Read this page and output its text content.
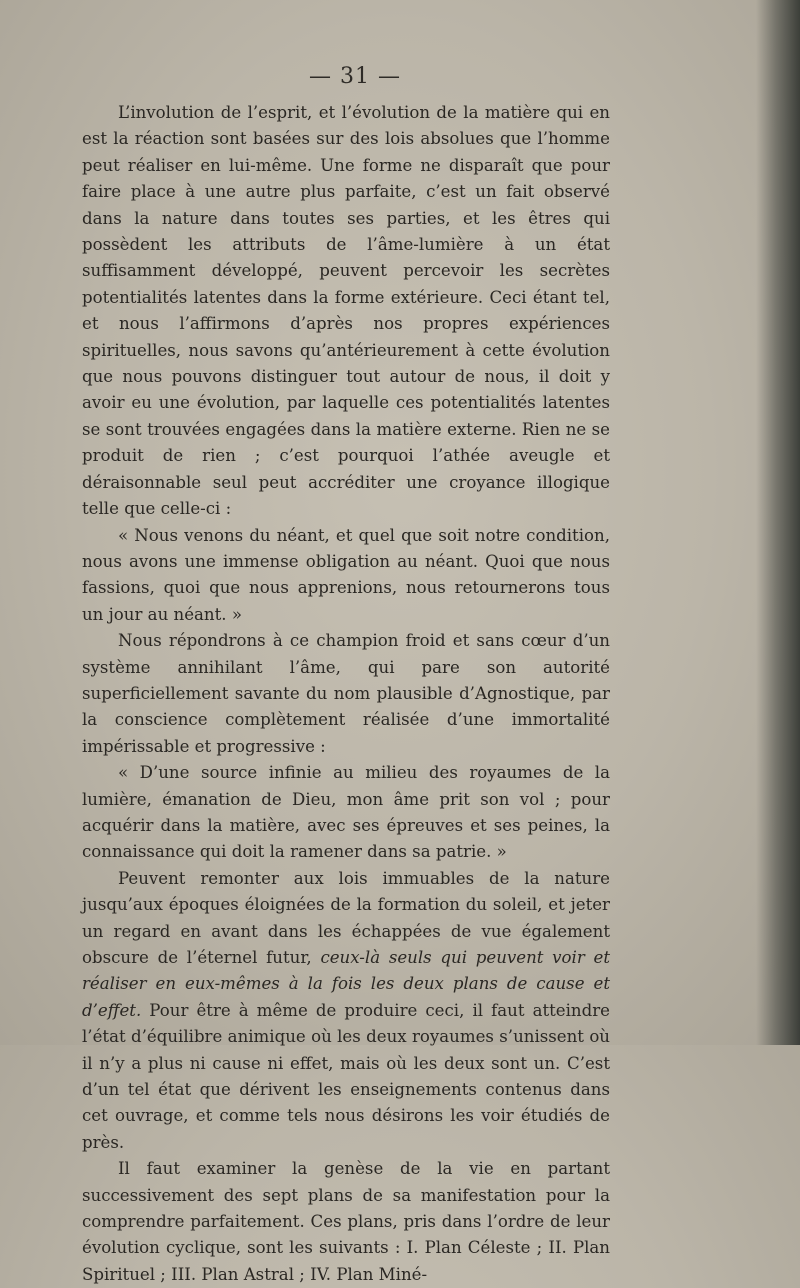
— 31 —

L’involution de l’esprit, et l’évolution de la matière qui en est la réaction sont basées sur des lois absolues que l’homme peut réaliser en lui-même. Une forme ne disparaît que pour faire place à une autre plus parfaite, c’est un fait observé dans la nature dans toutes ses parties, et les êtres qui possèdent les attributs de l’âme-lumière à un état suffisamment développé, peuvent percevoir les secrètes potentialités latentes dans la forme extérieure. Ceci étant tel, et nous l’affirmons d’après nos propres expériences spirituelles, nous savons qu’antérieurement à cette évolution que nous pouvons distinguer tout autour de nous, il doit y avoir eu une évolution, par laquelle ces potentialités latentes se sont trouvées engagées dans la matière externe. Rien ne se produit de rien ; c’est pourquoi l’athée aveugle et déraisonnable seul peut accréditer une croyance illogique telle que celle-ci :

« Nous venons du néant, et quel que soit notre condition, nous avons une immense obligation au néant. Quoi que nous fassions, quoi que nous apprenions, nous retournerons tous un jour au néant. »

Nous répondrons à ce champion froid et sans cœur d’un système annihilant l’âme, qui pare son autorité superficiellement savante du nom plausible d’Agnostique, par la conscience complètement réalisée d’une immortalité impérissable et progressive :

« D’une source infinie au milieu des royaumes de la lumière, émanation de Dieu, mon âme prit son vol ; pour acquérir dans la matière, avec ses épreuves et ses peines, la connaissance qui doit la ramener dans sa patrie. »

Peuvent remonter aux lois immuables de la nature jusqu’aux époques éloignées de la formation du soleil, et jeter un regard en avant dans les échappées de vue également obscure de l’éternel futur, ceux-là seuls qui peuvent voir et réaliser en eux-mêmes à la fois les deux plans de cause et d’effet. Pour être à même de produire ceci, il faut atteindre l’état d’équilibre animique où les deux royaumes s’unissent où il n’y a plus ni cause ni effet, mais où les deux sont un. C’est d’un tel état que dérivent les enseignements contenus dans cet ouvrage, et comme tels nous désirons les voir étudiés de près.

Il faut examiner la genèse de la vie en partant successivement des sept plans de sa manifestation pour la comprendre parfaitement. Ces plans, pris dans l’ordre de leur évolution cyclique, sont les suivants : I. Plan Céleste ; II. Plan Spirituel ; III. Plan Astral ; IV. Plan Miné-
